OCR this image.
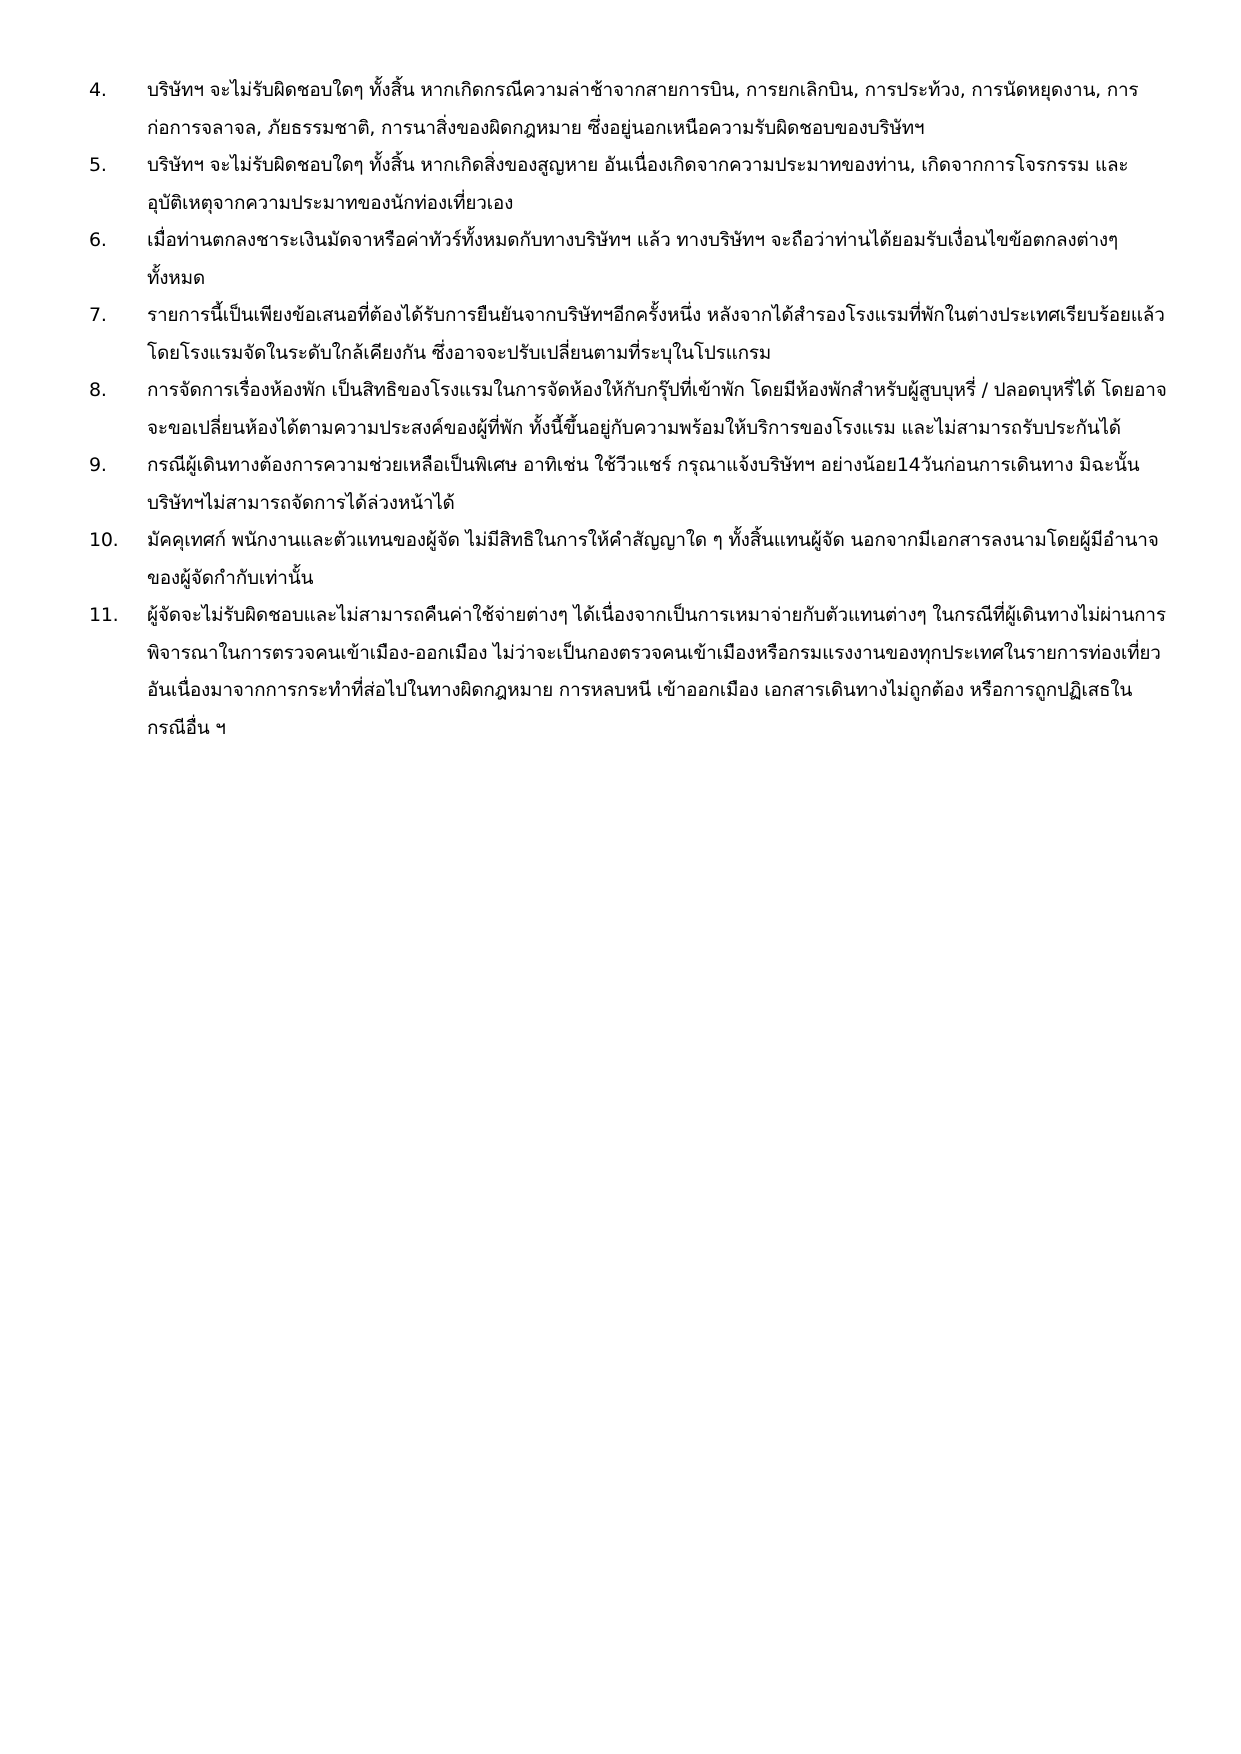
4.	บริษัทฯ จะไม่รับผิดชอบใดๆ ทั้งสิ้น หากเกิดกรณีความล่าช้าจากสายการบิน, การยกเลิกบิน, การประท้วง, การนัดหยุดงาน, การก่อการจลาจล, ภัยธรรมชาติ, การนาสิ่งของผิดกฎหมาย ซึ่งอยู่นอกเหนือความรับผิดชอบของบริษัทฯ
5.	บริษัทฯ จะไม่รับผิดชอบใดๆ ทั้งสิ้น หากเกิดสิ่งของสูญหาย อันเนื่องเกิดจากความประมาทของท่าน, เกิดจากการโจรกรรม และ อุบัติเหตุจากความประมาทของนักท่องเที่ยวเอง
6.	เมื่อท่านตกลงชาระเงินมัดจาหรือค่าทัวร์ทั้งหมดกับทางบริษัทฯ แล้ว ทางบริษัทฯ จะถือว่าท่านได้ยอมรับเงื่อนไขข้อตกลงต่างๆ ทั้งหมด
7.	รายการนี้เป็นเพียงข้อเสนอที่ต้องได้รับการยืนยันจากบริษัทฯอีกครั้งหนึ่ง หลังจากได้สำรองโรงแรมที่พักในต่างประเทศเรียบร้อยแล้ว โดยโรงแรมจัดในระดับใกล้เคียงกัน ซึ่งอาจจะปรับเปลี่ยนตามที่ระบุในโปรแกรม
8.	การจัดการเรื่องห้องพัก เป็นสิทธิของโรงแรมในการจัดห้องให้กับกรุ๊ปที่เข้าพัก โดยมีห้องพักสำหรับผู้สูบบุหรี่ / ปลอดบุหรี่ได้ โดยอาจจะขอเปลี่ยนห้องได้ตามความประสงค์ของผู้ที่พัก ทั้งนี้ขึ้นอยู่กับความพร้อมให้บริการของโรงแรม และไม่สามารถรับประกันได้
9.	กรณีผู้เดินทางต้องการความช่วยเหลือเป็นพิเศษ อาทิเช่น ใช้วีวแชร์ กรุณาแจ้งบริษัทฯ อย่างน้อย14วันก่อนการเดินทาง มิฉะนั้น บริษัทฯไม่สามารถจัดการได้ล่วงหน้าได้
10.	มัคคุเทศก์ พนักงานและตัวแทนของผู้จัด ไม่มีสิทธิในการให้คำสัญญาใด ๆ ทั้งสิ้นแทนผู้จัด นอกจากมีเอกสารลงนามโดยผู้มีอำนาจของผู้จัดกำกับเท่านั้น
11.	ผู้จัดจะไม่รับผิดชอบและไม่สามารถคืนค่าใช้จ่ายต่างๆ ได้เนื่องจากเป็นการเหมาจ่ายกับตัวแทนต่างๆ ในกรณีที่ผู้เดินทางไม่ผ่านการพิจารณาในการตรวจคนเข้าเมือง-ออกเมือง ไม่ว่าจะเป็นกองตรวจคนเข้าเมืองหรือกรมแรงงานของทุกประเทศในรายการท่องเที่ยว อันเนื่องมาจากการกระทำที่ส่อไปในทางผิดกฎหมาย การหลบหนี เข้าออกเมือง เอกสารเดินทางไม่ถูกต้อง หรือการถูกปฏิเสธในกรณีอื่น ฯ
